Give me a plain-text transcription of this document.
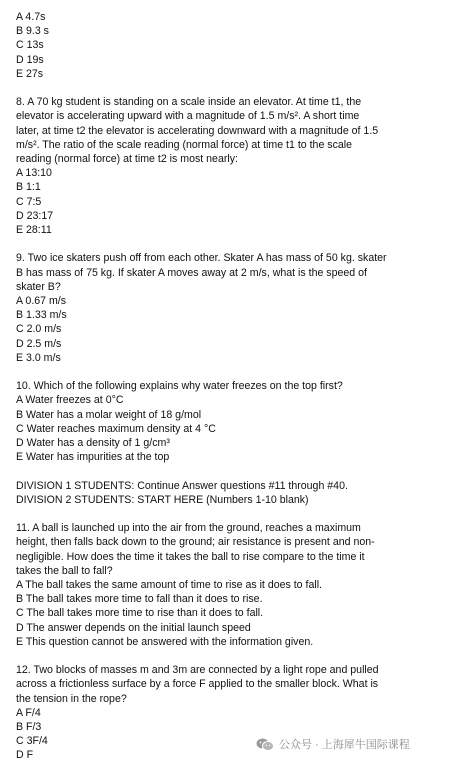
A 4.7s
B 9.3 s
C 13s
D 19s
E 27s
8. A 70 kg student is standing on a scale inside an elevator. At time t1, the
elevator is accelerating upward with a magnitude of 1.5 m/s². A short time
later, at time t2 the elevator is accelerating downward with a magnitude of 1.5
m/s². The ratio of the scale reading (normal force) at time t1 to the scale
reading (normal force) at time t2 is most nearly:
A 13:10
B 1:1
C 7:5
D 23:17
E 28:11
9. Two ice skaters push off from each other. Skater A has mass of 50 kg. skater
B has mass of 75 kg. If skater A moves away at 2 m/s, what is the speed of
skater B?
A 0.67 m/s
B 1.33 m/s
C 2.0 m/s
D 2.5 m/s
E 3.0 m/s
10. Which of the following explains why water freezes on the top first?
A Water freezes at 0°C
B Water has a molar weight of 18 g/mol
C Water reaches maximum density at 4 °C
D Water has a density of 1 g/cm³
E Water has impurities at the top
DIVISION 1 STUDENTS: Continue Answer questions #11 through #40.
DIVISION 2 STUDENTS: START HERE (Numbers 1-10 blank)
11. A ball is launched up into the air from the ground, reaches a maximum
height, then falls back down to the ground; air resistance is present and non-
negligible. How does the time it takes the ball to rise compare to the time it
takes the ball to fall?
A The ball takes the same amount of time to rise as it does to fall.
B The ball takes more time to fall than it does to rise.
C The ball takes more time to rise than it does to fall.
D The answer depends on the initial launch speed
E This question cannot be answered with the information given.
12. Two blocks of masses m and 3m are connected by a light rope and pulled
across a frictionless surface by a force F applied to the smaller block. What is
the tension in the rope?
A F/4
B F/3
C 3F/4
D F
公众号 · 上海犀牛国际课程
